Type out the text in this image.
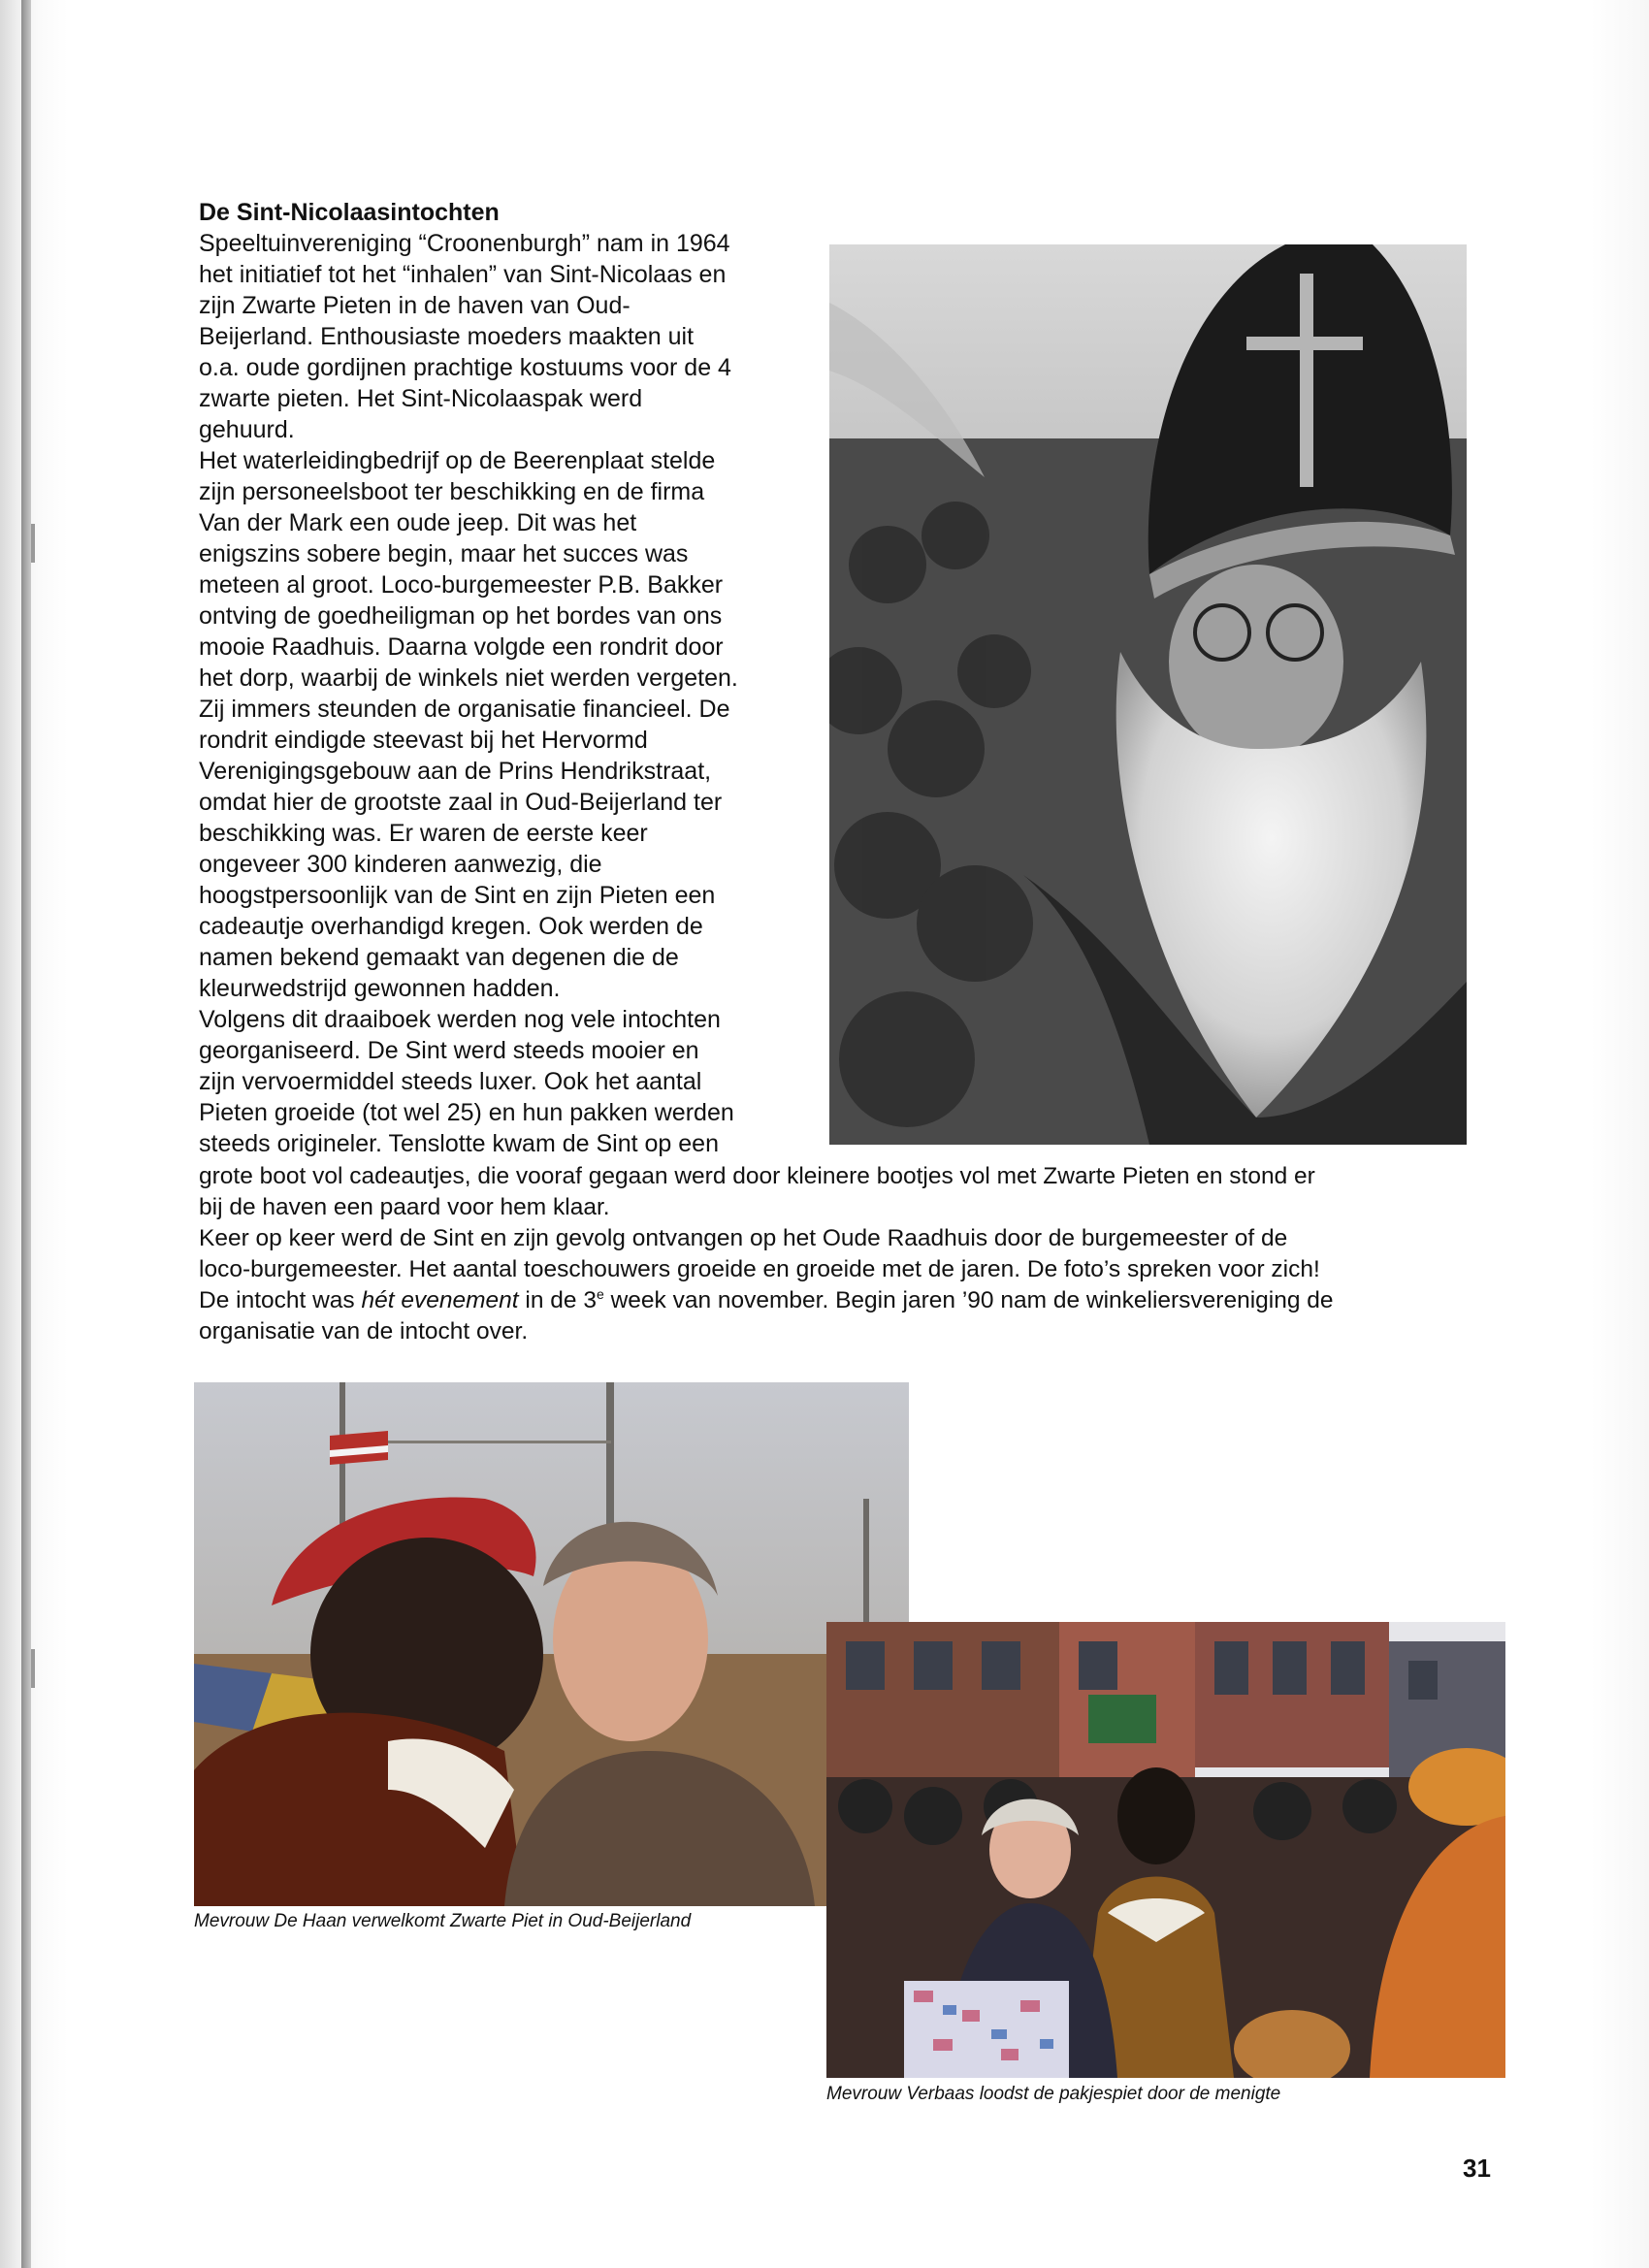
De Sint-Nicolaasintochten
Speeltuinvereniging “Croonenburgh” nam in 1964
het initiatief tot het “inhalen” van Sint-Nicolaas en
zijn Zwarte Pieten in de haven van Oud-
Beijerland. Enthousiaste moeders maakten uit
o.a. oude gordijnen prachtige kostuums voor de 4
zwarte pieten. Het Sint-Nicolaaspak werd
gehuurd.
Het waterleidingbedrijf op de Beerenplaat stelde
zijn personeelsboot ter beschikking en de firma
Van der Mark een oude jeep. Dit was het
enigszins sobere begin, maar het succes was
meteen al groot. Loco-burgemeester P.B. Bakker
ontving de goedheiligman op het bordes van ons
mooie Raadhuis. Daarna volgde een rondrit door
het dorp, waarbij de winkels niet werden vergeten.
Zij immers steunden de organisatie financieel. De
rondrit eindigde steevast bij het Hervormd
Verenigingsgebouw aan de Prins Hendrikstraat,
omdat hier de grootste zaal in Oud-Beijerland ter
beschikking was. Er waren de eerste keer
ongeveer 300 kinderen aanwezig, die
hoogstpersoonlijk van de Sint en zijn Pieten een
cadeautje overhandigd kregen. Ook werden de
namen bekend gemaakt van degenen die de
kleurwedstrijd gewonnen hadden.
Volgens dit draaiboek werden nog vele intochten
georganiseerd. De Sint werd steeds mooier en
zijn vervoermiddel steeds luxer. Ook het aantal
Pieten groeide (tot wel 25) en hun pakken werden
steeds origineler. Tenslotte kwam de Sint op een
grote boot vol cadeautjes, die vooraf gegaan werd door kleinere bootjes vol met Zwarte Pieten en stond er
bij de haven een paard voor hem klaar.
Keer op keer werd de Sint en zijn gevolg ontvangen op het Oude Raadhuis door de burgemeester of de
loco-burgemeester. Het aantal toeschouwers groeide en groeide met de jaren. De foto’s spreken voor zich!
De intocht was hét evenement in de 3e week van november. Begin jaren ’90 nam de winkeliersvereniging de
organisatie van de intocht over.

Mevrouw De Haan verwelkomt Zwarte Piet in Oud-Beijerland

Mevrouw Verbaas loodst de pakjespiet door de menigte

31
